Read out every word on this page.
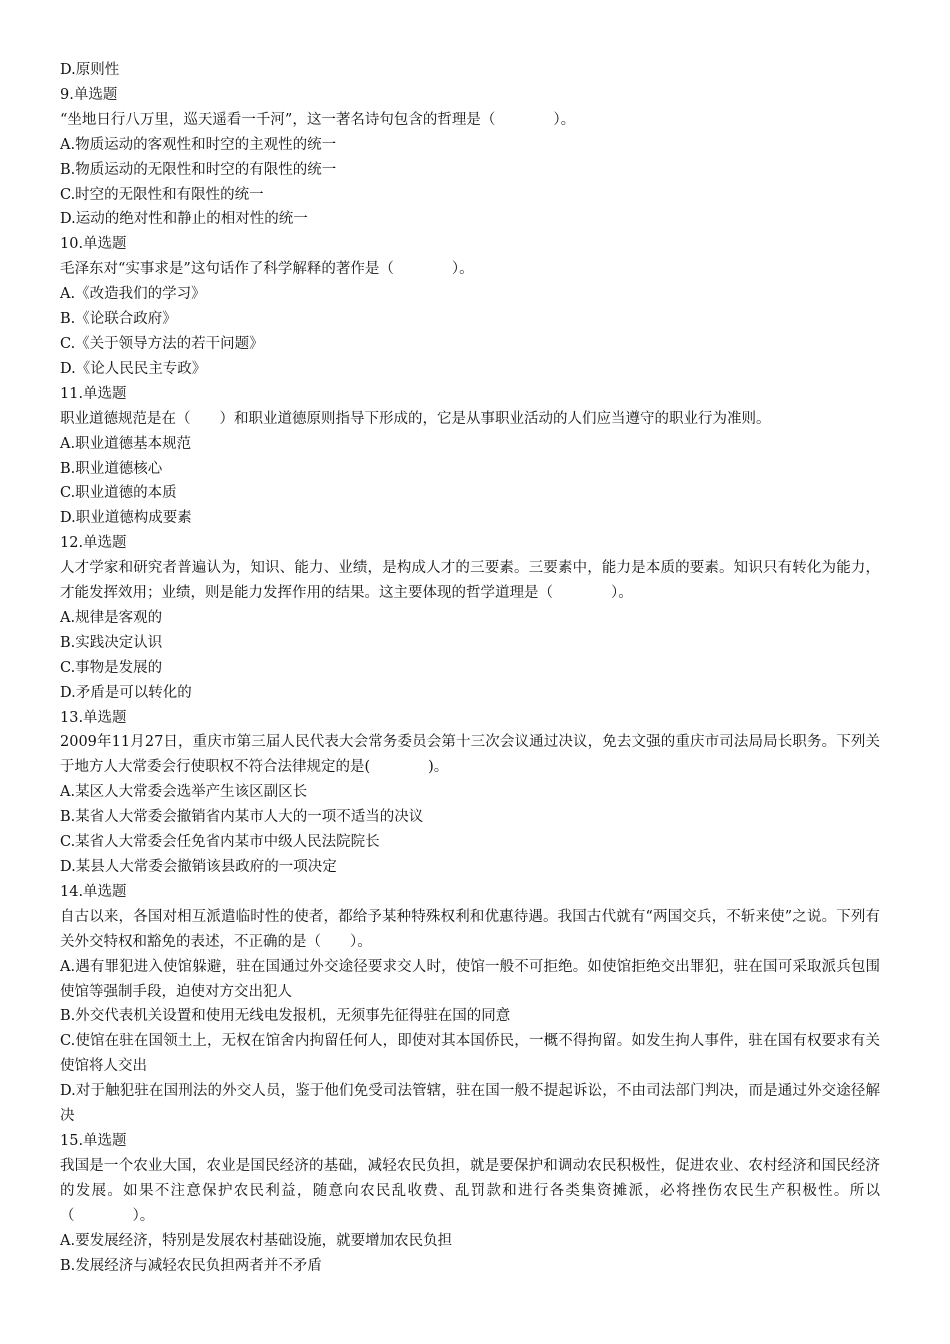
D.原则性
9.单选题
“坐地日行八万里，巡天遥看一千河”，这一著名诗句包含的哲理是（　　　　）。
A.物质运动的客观性和时空的主观性的统一
B.物质运动的无限性和时空的有限性的统一
C.时空的无限性和有限性的统一
D.运动的绝对性和静止的相对性的统一
10.单选题
毛泽东对“实事求是”这句话作了科学解释的著作是（　　　　）。
A.《改造我们的学习》
B.《论联合政府》
C.《关于领导方法的若干问题》
D.《论人民民主专政》
11.单选题
职业道德规范是在（　　）和职业道德原则指导下形成的，它是从事职业活动的人们应当遵守的职业行为准则。
A.职业道德基本规范
B.职业道德核心
C.职业道德的本质
D.职业道德构成要素
12.单选题
人才学家和研究者普遍认为，知识、能力、业绩，是构成人才的三要素。三要素中，能力是本质的要素。知识只有转化为能力，才能发挥效用；业绩，则是能力发挥作用的结果。这主要体现的哲学道理是（　　　　）。
A.规律是客观的
B.实践决定认识
C.事物是发展的
D.矛盾是可以转化的
13.单选题
2009年11月27日，重庆市第三届人民代表大会常务委员会第十三次会议通过决议，免去文强的重庆市司法局局长职务。下列关于地方人大常委会行使职权不符合法律规定的是(　　　　)。
A.某区人大常委会选举产生该区副区长
B.某省人大常委会撤销省内某市人大的一项不适当的决议
C.某省人大常委会任免省内某市中级人民法院院长
D.某县人大常委会撤销该县政府的一项决定
14.单选题
自古以来，各国对相互派遣临时性的使者，都给予某种特殊权利和优惠待遇。我国古代就有“两国交兵，不斩来使”之说。下列有关外交特权和豁免的表述，不正确的是（　　）。
A.遇有罪犯进入使馆躲避，驻在国通过外交途径要求交人时，使馆一般不可拒绝。如使馆拒绝交出罪犯，驻在国可采取派兵包围使馆等强制手段，迫使对方交出犯人
B.外交代表机关设置和使用无线电发报机，无须事先征得驻在国的同意
C.使馆在驻在国领土上，无权在馆舍内拘留任何人，即使对其本国侨民，一概不得拘留。如发生拘人事件，驻在国有权要求有关使馆将人交出
D.对于触犯驻在国刑法的外交人员，鉴于他们免受司法管辖，驻在国一般不提起诉讼，不由司法部门判决，而是通过外交途径解决
15.单选题
我国是一个农业大国，农业是国民经济的基础，减轻农民负担，就是要保护和调动农民积极性，促进农业、农村经济和国民经济的发展。如果不注意保护农民利益，随意向农民乱收费、乱罚款和进行各类集资摊派，必将挫伤农民生产积极性。所以（　　　　）。
A.要发展经济，特别是发展农村基础设施，就要增加农民负担
B.发展经济与减轻农民负担两者并不矛盾
